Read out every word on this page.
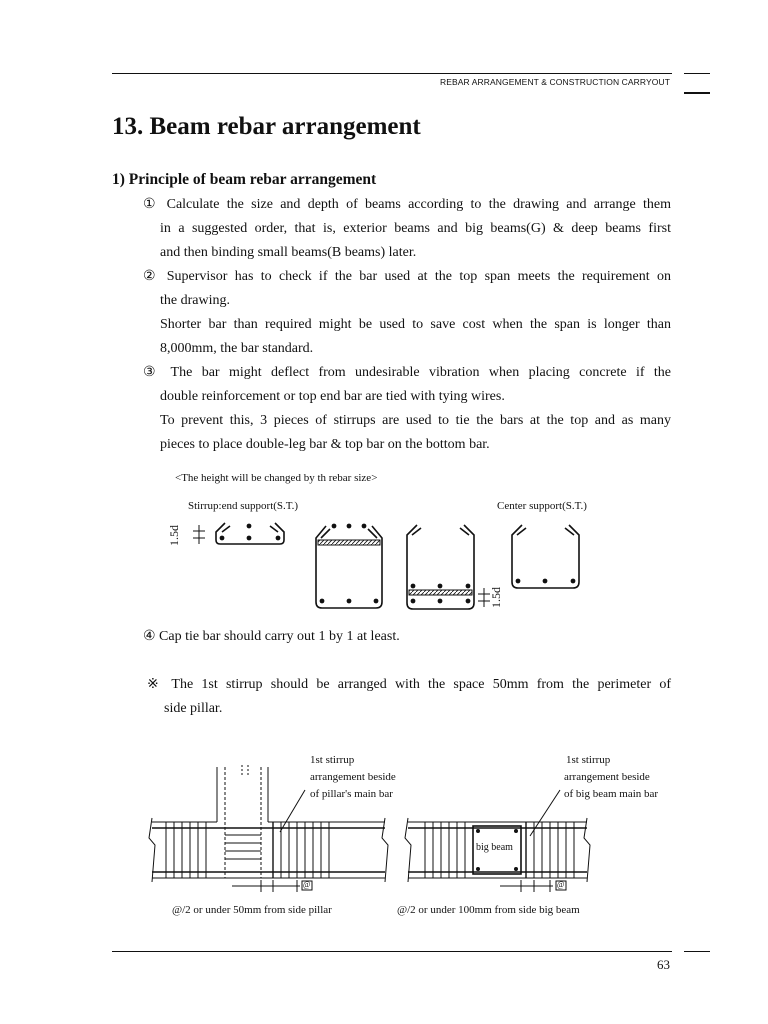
REBAR ARRANGEMENT & CONSTRUCTION CARRYOUT
13. Beam rebar arrangement
1) Principle of beam rebar arrangement
① Calculate the size and depth of beams according to the drawing and arrange them
in a suggested order, that is, exterior beams and big beams(G) & deep beams first
and then binding small beams(B beams) later.
② Supervisor has to check if the bar used at the top span meets the requirement on
the drawing.
Shorter bar than required might be used to save cost when the span is longer than
8,000mm, the bar standard.
③ The bar might deflect from undesirable vibration when placing concrete if the
double reinforcement or top end bar are tied with tying wires.
To prevent this, 3 pieces of stirrups are used to tie the bars at the top and as many
pieces to place double-leg bar & top bar on the bottom bar.
<The height will be changed by th rebar size>
Stirrup:end support(S.T.)	Center support(S.T.)
1.5d
1.5d
④ Cap tie bar should carry out 1 by 1 at least.
※ The 1st stirrup should be arranged with the space 50mm from the perimeter of
side pillar.
1st stirrup
arrangement beside
of pillar's main bar
1st stirrup
arrangement beside
of big beam main bar
big beam
@	@
@/2 or under 50mm from side pillar	@/2 or under 100mm from side big beam
63
